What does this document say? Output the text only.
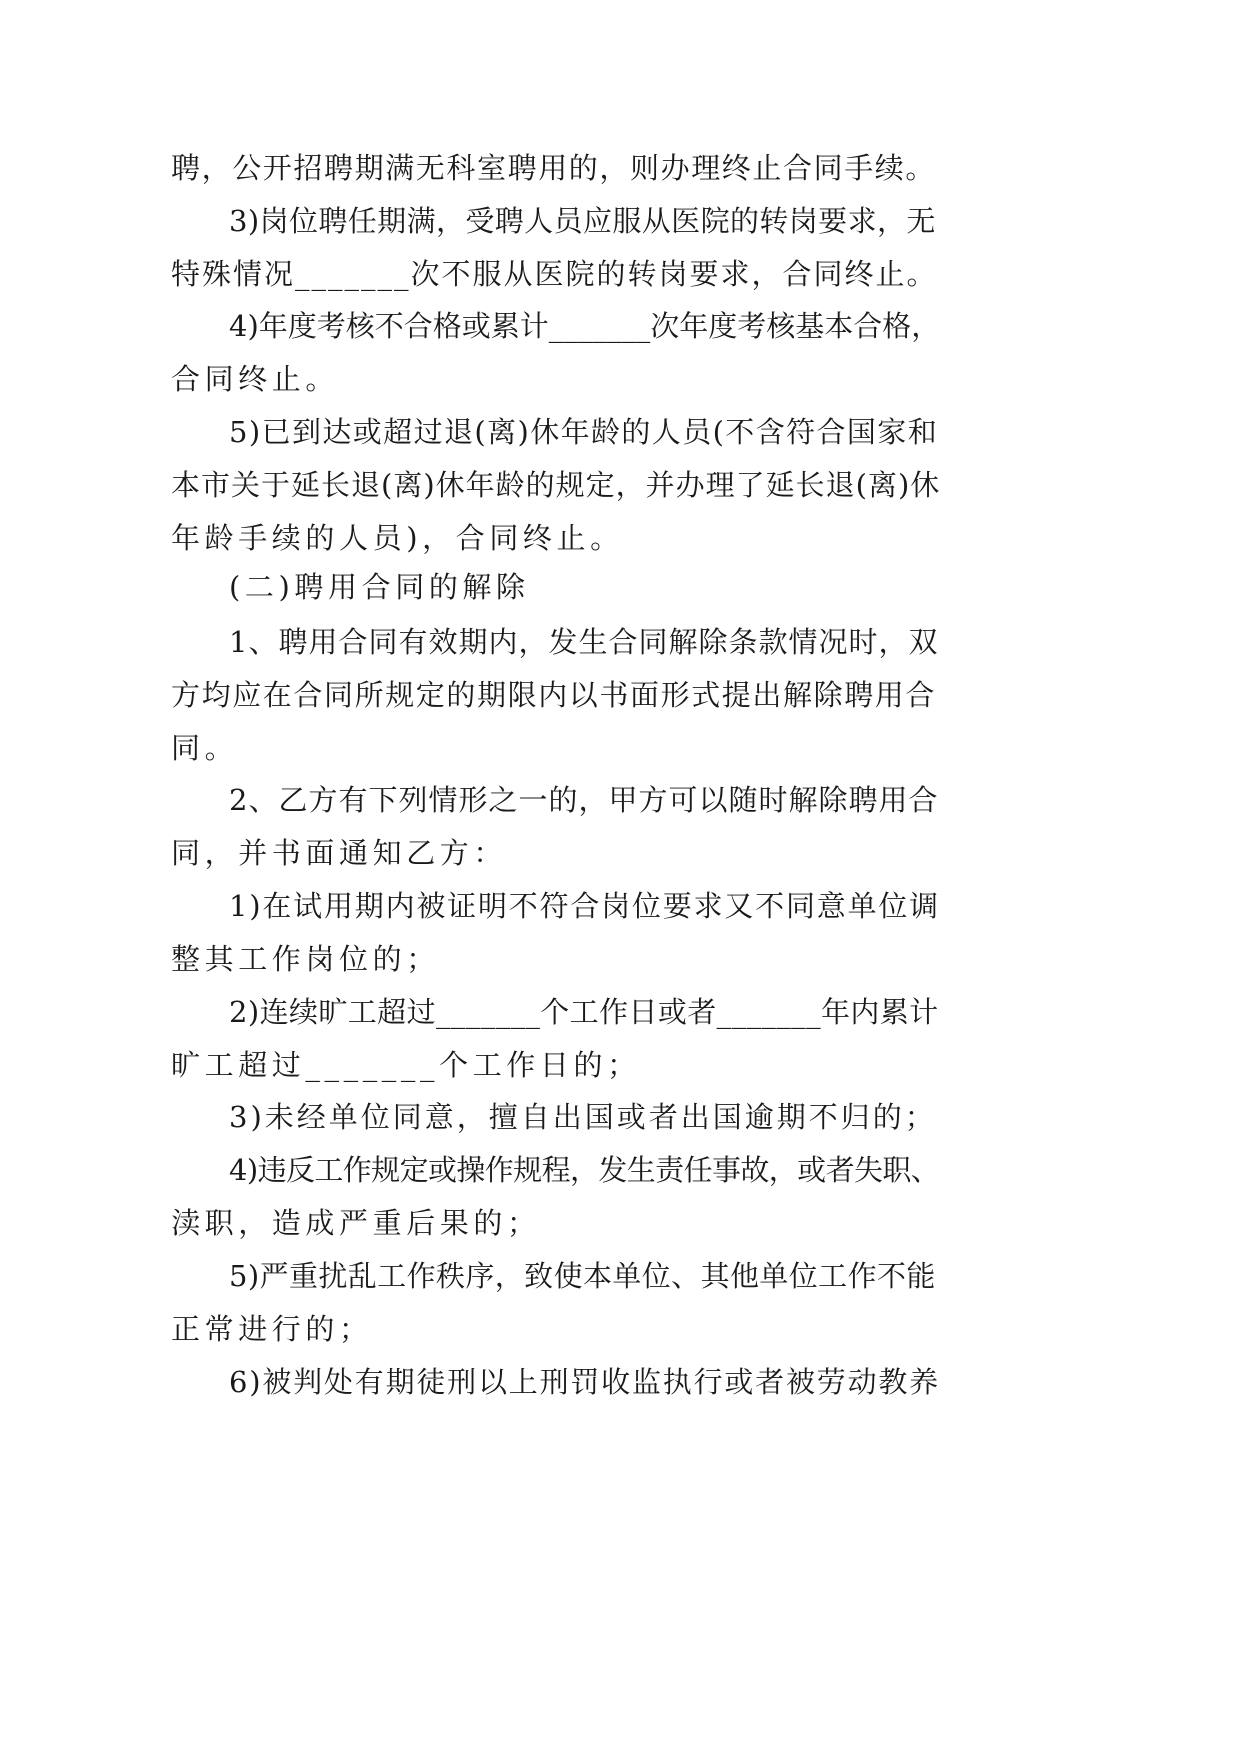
聘，公开招聘期满无科室聘用的，则办理终止合同手续。
3)岗位聘任期满，受聘人员应服从医院的转岗要求，无
特殊情况_______次不服从医院的转岗要求，合同终止。
4)年度考核不合格或累计_______次年度考核基本合格，
合同终止。
5)已到达或超过退(离)休年龄的人员(不含符合国家和
本市关于延长退(离)休年龄的规定，并办理了延长退(离)休
年龄手续的人员)，合同终止。
(二)聘用合同的解除
1、聘用合同有效期内，发生合同解除条款情况时，双
方均应在合同所规定的期限内以书面形式提出解除聘用合
同。
2、乙方有下列情形之一的，甲方可以随时解除聘用合
同，并书面通知乙方：
1)在试用期内被证明不符合岗位要求又不同意单位调
整其工作岗位的；
2)连续旷工超过_______个工作日或者_______年内累计
旷工超过_______个工作日的；
3)未经单位同意，擅自出国或者出国逾期不归的；
4)违反工作规定或操作规程，发生责任事故，或者失职、
渎职，造成严重后果的；
5)严重扰乱工作秩序，致使本单位、其他单位工作不能
正常进行的；
6)被判处有期徒刑以上刑罚收监执行或者被劳动教养
